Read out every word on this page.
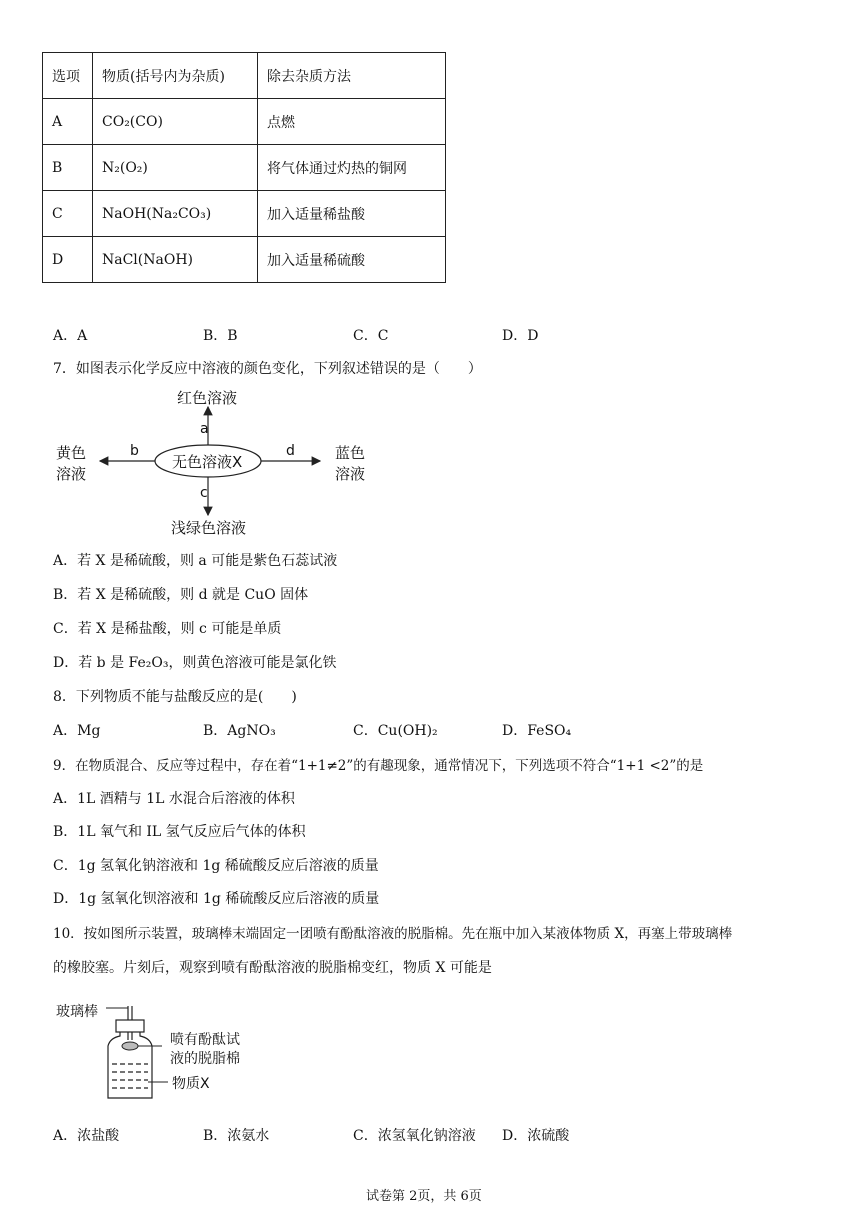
选项	物质(括号内为杂质)	除去杂质方法
A	CO₂(CO)	点燃
B	N₂(O₂)	将气体通过灼热的铜网
C	NaOH(Na₂CO₃)	加入适量稀盐酸
D	NaCl(NaOH)	加入适量稀硫酸
A．A	B．B	C．C	D．D
7．如图表示化学反应中溶液的颜色变化，下列叙述错误的是（　　）
红色溶液
无色溶液X
浅绿色溶液
黄色
溶液
蓝色
溶液
a
b
c
d
A．若 X 是稀硫酸，则 a 可能是紫色石蕊试液
B．若 X 是稀硫酸，则 d 就是 CuO 固体
C．若 X 是稀盐酸，则 c 可能是单质
D．若 b 是 Fe₂O₃，则黄色溶液可能是氯化铁
8．下列物质不能与盐酸反应的是(　　)
A．Mg	B．AgNO₃	C．Cu(OH)₂	D．FeSO₄
9．在物质混合、反应等过程中，存在着“1+1≠2”的有趣现象，通常情况下，下列选项不符合“1+1 <2”的是
A．1L 酒精与 1L 水混合后溶液的体积
B．1L 氧气和 IL 氢气反应后气体的体积
C．1g 氢氧化钠溶液和 1g 稀硫酸反应后溶液的质量
D．1g 氢氧化钡溶液和 1g 稀硫酸反应后溶液的质量
10．按如图所示装置，玻璃棒末端固定一团喷有酚酞溶液的脱脂棉。先在瓶中加入某液体物质 X，再塞上带玻璃棒
的橡胶塞。片刻后，观察到喷有酚酞溶液的脱脂棉变红，物质 X 可能是
玻璃棒
喷有酚酞试
液的脱脂棉
物质X
A．浓盐酸	B．浓氨水	C．浓氢氧化钠溶液 D．浓硫酸
试卷第 2页，共 6页
